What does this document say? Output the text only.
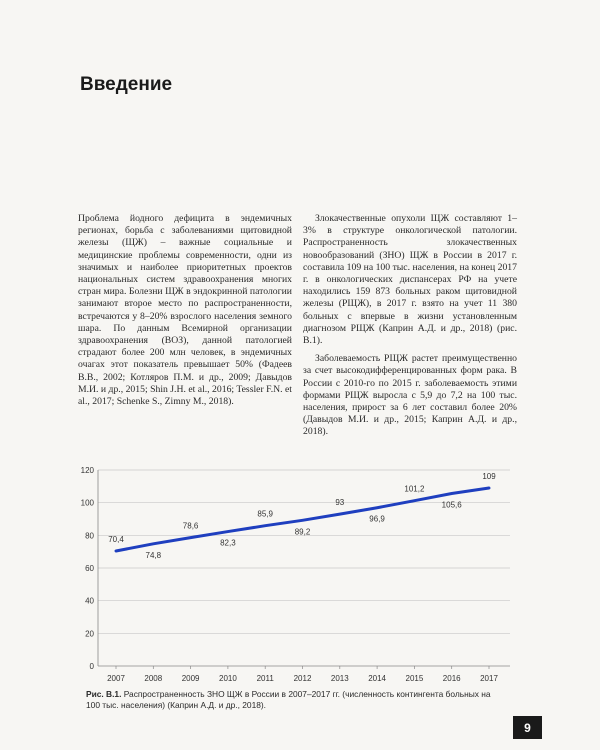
Введение

Проблема йодного дефицита в эндемичных регионах, борьба с заболеваниями щитовидной железы (ЩЖ) – важные социальные и медицинские проблемы современности, одни из значимых и наиболее приоритетных проектов национальных систем здравоохранения многих стран мира. Болезни ЩЖ в эндокринной патологии занимают второе место по распространенности, встречаются у 8–20% взрослого населения земного шара. По данным Всемирной организации здравоохранения (ВОЗ), данной патологией страдают более 200 млн человек, в эндемичных очагах этот показатель превышает 50% (Фадеев В.В., 2002; Котляров П.М. и др., 2009; Давыдов М.И. и др., 2015; Shin J.H. et al., 2016; Tessler F.N. et al., 2017; Schenke S., Zimny M., 2018).

Злокачественные опухоли ЩЖ составляют 1–3% в структуре онкологической патологии. Распространенность злокачественных новообразований (ЗНО) ЩЖ в России в 2017 г. составила 109 на 100 тыс. населения, на конец 2017 г. в онкологических диспансерах РФ на учете находились 159 873 больных раком щитовидной железы (РЩЖ), в 2017 г. взято на учет 11 380 больных с впервые в жизни установленным диагнозом РЩЖ (Каприн А.Д. и др., 2018) (рис. В.1).

Заболеваемость РЩЖ растет преимущественно за счет высокодифференцированных форм рака. В России с 2010-го по 2015 г. заболеваемость этими формами РЩЖ выросла с 5,9 до 7,2 на 100 тыс. населения, прирост за 6 лет составил более 20% (Давыдов М.И. и др., 2015; Каприн А.Д. и др., 2018).

0
20
40
60
80
100
120
2007 2008 2009 2010 2011 2012 2013 2014 2015 2016 2017
70,4
74,8
78,6
82,3
85,9
89,2
93
96,9
101,2
105,6
109

Рис. В.1. Распространенность ЗНО ЩЖ в России в 2007–2017 гг. (численность контингента больных на 100 тыс. населения) (Каприн А.Д. и др., 2018).

9
